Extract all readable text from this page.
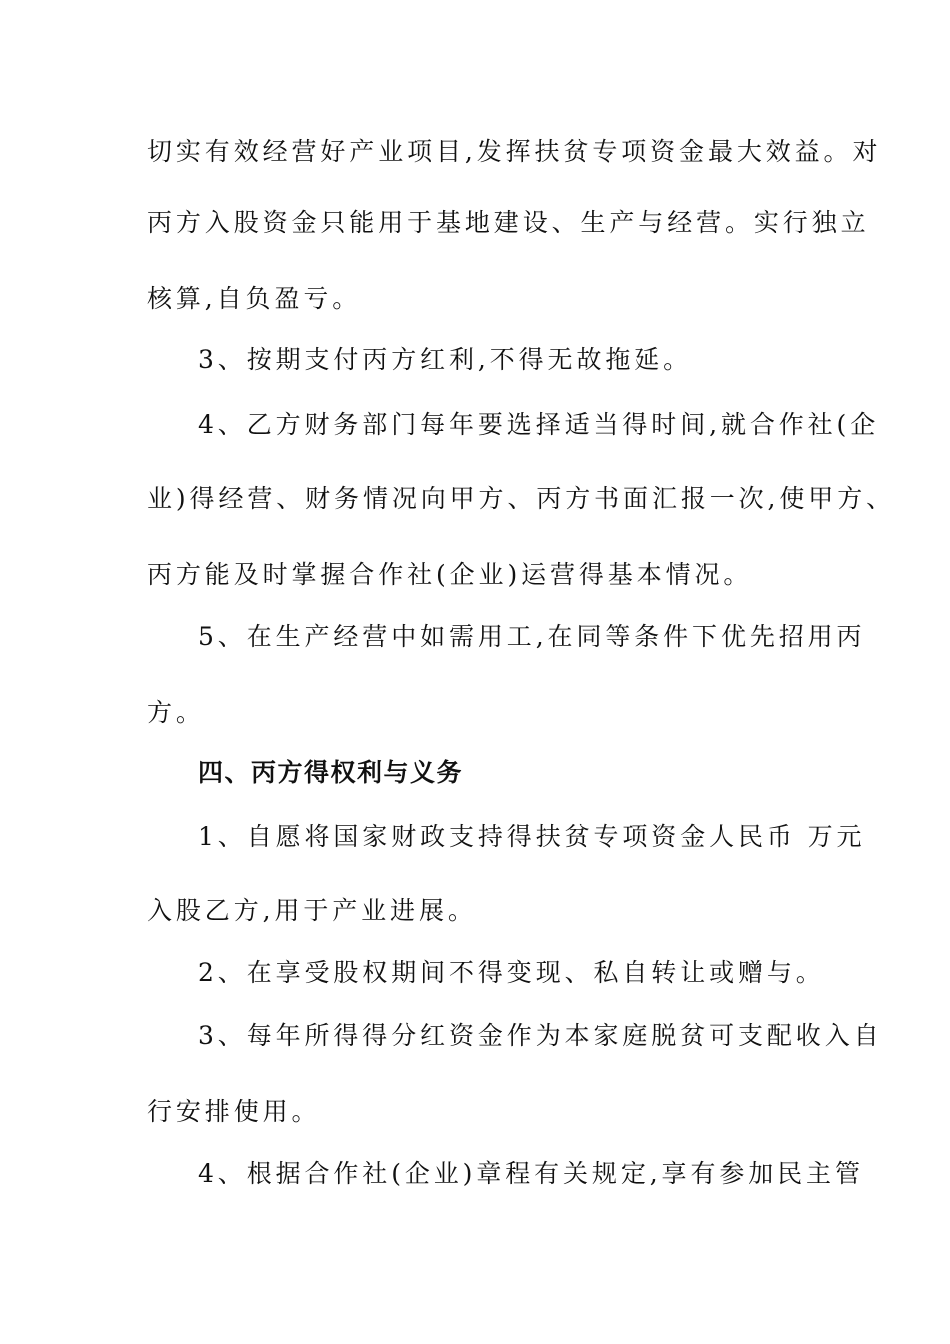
切实有效经营好产业项目,发挥扶贫专项资金最大效益。对
丙方入股资金只能用于基地建设、生产与经营。实行独立
核算,自负盈亏。
3、按期支付丙方红利,不得无故拖延。
4、乙方财务部门每年要选择适当得时间,就合作社(企
业)得经营、财务情况向甲方、丙方书面汇报一次,使甲方、
丙方能及时掌握合作社(企业)运营得基本情况。
5、在生产经营中如需用工,在同等条件下优先招用丙
方。
四、丙方得权利与义务
1、自愿将国家财政支持得扶贫专项资金人民币 万元
入股乙方,用于产业进展。
2、在享受股权期间不得变现、私自转让或赠与。
3、每年所得得分红资金作为本家庭脱贫可支配收入自
行安排使用。
4、根据合作社(企业)章程有关规定,享有参加民主管
